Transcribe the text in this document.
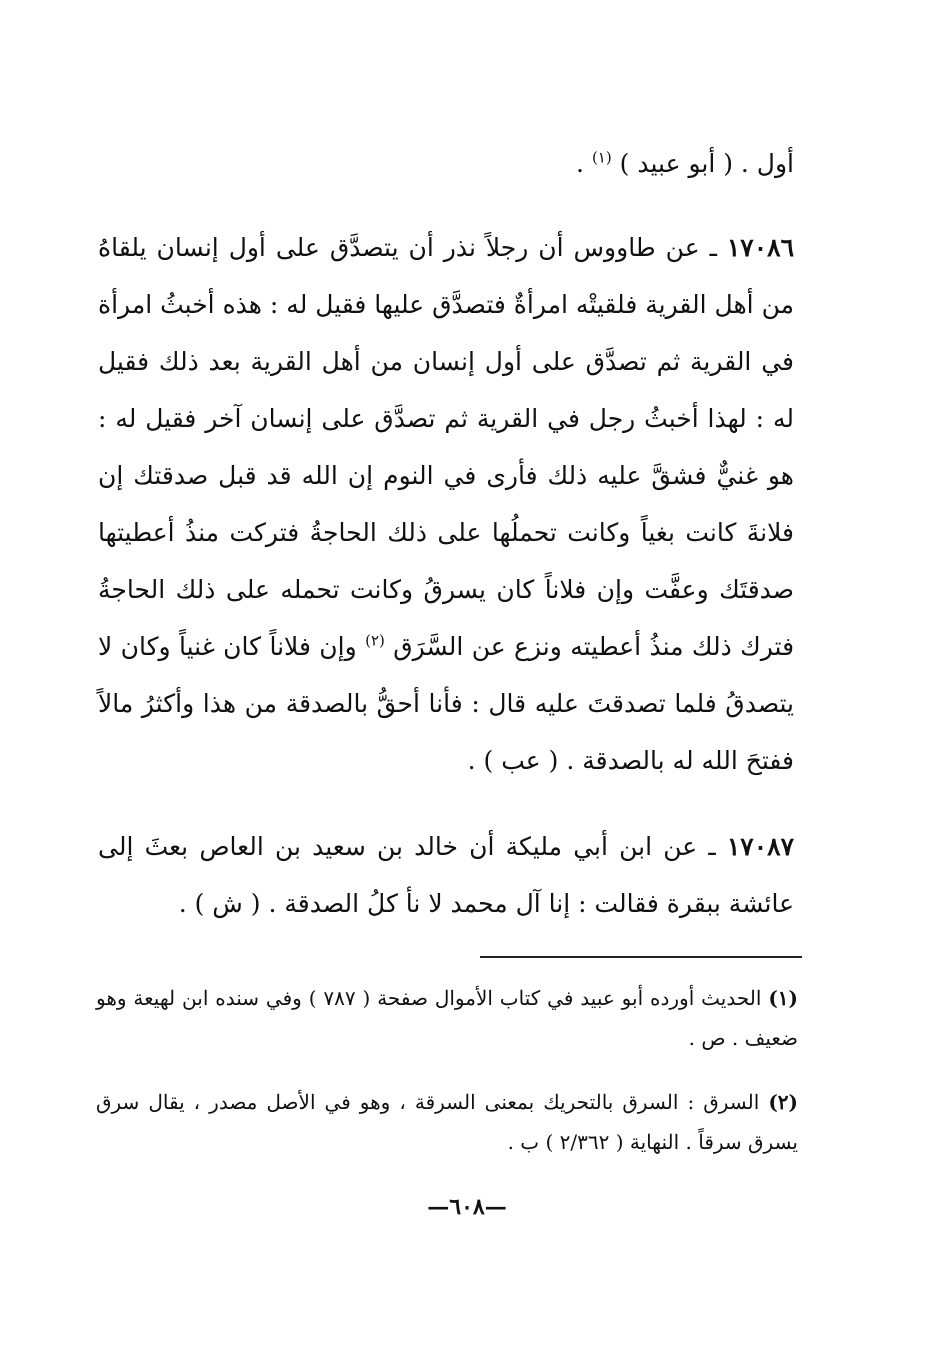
أول . ( أبو عبيد ) $^{(١)}$ .

١٧٠٨٦ ـ عن طاووس أن رجلاً نذر أن يتصدَّق على أول إنسان يلقاهُ من أهل القرية فلقيتْه امرأةٌ فتصدَّق عليها فقيل له : هذه أخبثُ امرأة في القرية ثم تصدَّق على أول إنسان من أهل القرية بعد ذلك فقيل له : لهذا أخبثُ رجل في القرية ثم تصدَّق على إنسان آخر فقيل له : هو غنيٌّ فشقَّ عليه ذلك فأرى في النوم إن الله قد قبل صدقتك إن فلانةَ كانت بغياً وكانت تحملُها على ذلك الحاجةُ فتركت منذُ أعطيتها صدقتَك وعفَّت وإن فلاناً كان يسرقُ وكانت تحمله على ذلك الحاجةُ فترك ذلك منذُ أعطيته ونزع عن السَّرَق $^{(٢)}$ وإن فلاناً كان غنياً وكان لا يتصدقُ فلما تصدقتَ عليه قال : فأنا أحقُّ بالصدقة من هذا وأكثرُ مالاً ففتحَ الله له بالصدقة . ( عب ) .

١٧٠٨٧ ـ عن ابن أبي مليكة أن خالد بن سعيد بن العاص بعثَ إلى عائشة ببقرة فقالت : إنا آل محمد لا نأ كلُ الصدقة . ( ش ) .

(١) الحديث أورده أبو عبيد في كتاب الأموال صفحة ( ٧٨٧ ) وفي سنده ابن لهيعة وهو ضعيف . ص .

(٢) السرق : السرق بالتحريك بمعنى السرقة ، وهو في الأصل مصدر ، يقال سرق يسرق سرقاً . النهاية ( ٢/٣٦٢ ) ب .

—٦٠٨—
